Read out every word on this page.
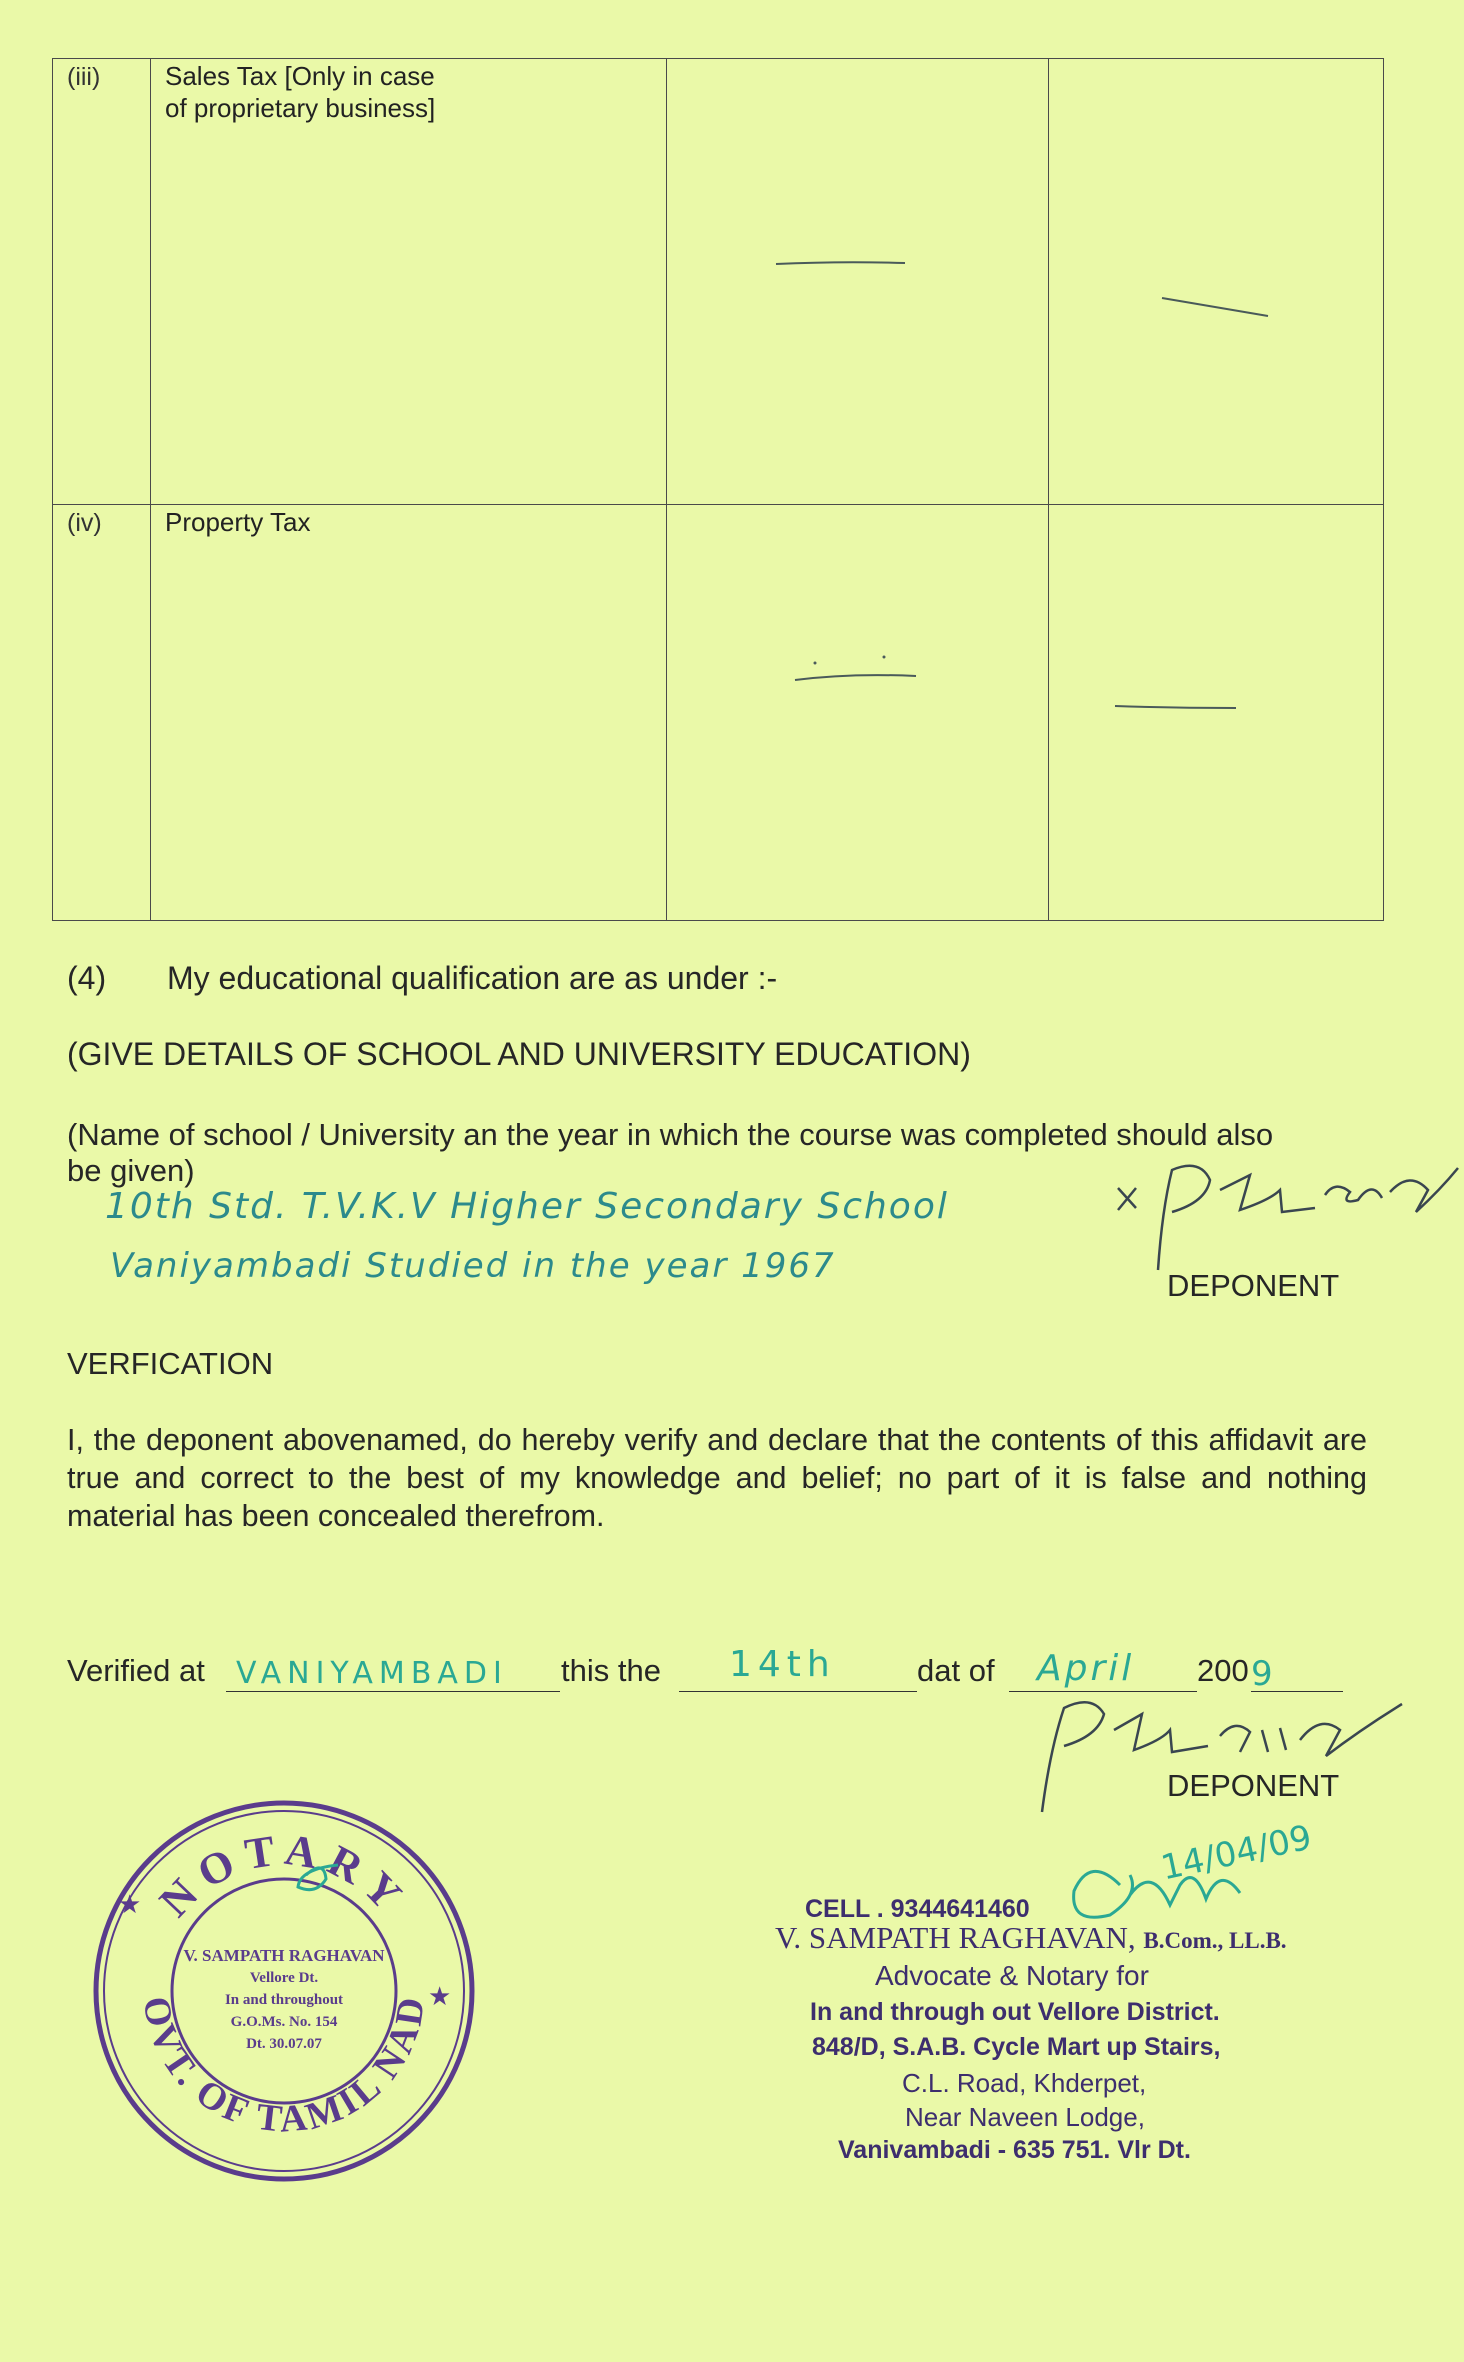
(iii)	Sales Tax [Only in case
of proprietary business]		

(iv)	Property Tax		

(4) My educational qualification are as under :-
(GIVE DETAILS OF SCHOOL AND UNIVERSITY EDUCATION)
(Name of school / University an the year in which the course was completed should also
be given)
10th Std. T.V.K.V Higher Secondary School
Vaniyambadi Studied in the year 1967	DEPONENT
VERFICATION
I, the deponent abovenamed, do hereby verify and declare that the contents of this affidavit are true and correct to the best of my knowledge and belief; no part of it is false and nothing material has been concealed therefrom.
Verified at VANIYAMBADI this the 14th	dat of April 200 9
DEPONENT
NOTARY
OVT. OF TAMIL NAD
★
★
V. SAMPATH RAGHAVAN
Vellore Dt.
In and throughout
G.O.Ms. No. 154
Dt. 30.07.07
CELL . 9344641460
14/04/09
V. SAMPATH RAGHAVAN, B.Com., LL.B.
Advocate & Notary for
In and through out Vellore District.
848/D, S.A.B. Cycle Mart up Stairs,
C.L. Road, Khderpet,
Near Naveen Lodge,
Vanivambadi - 635 751. Vlr Dt.
